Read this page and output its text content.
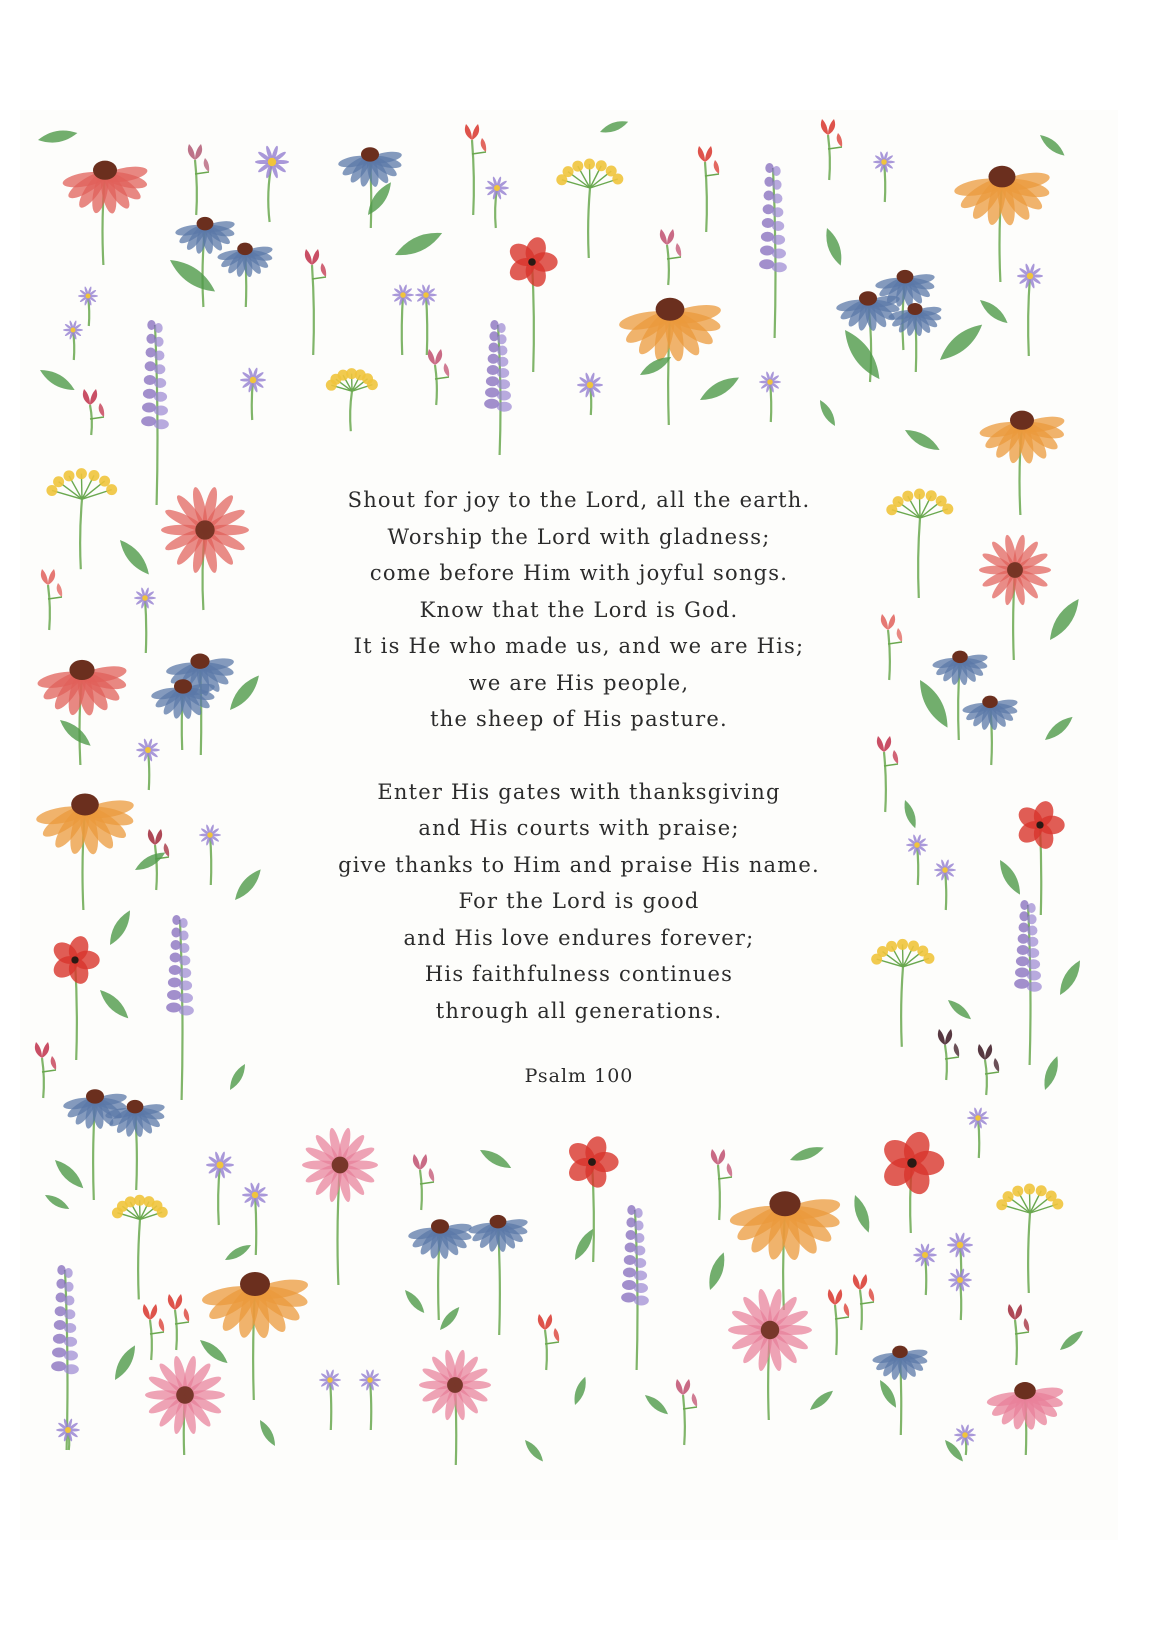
Shout for joy to the Lord, all the earth.
Worship the Lord with gladness;
come before Him with joyful songs.
Know that the Lord is God.
It is He who made us, and we are His;
we are His people,
the sheep of His pasture.
Enter His gates with thanksgiving
and His courts with praise;
give thanks to Him and praise His name.
For the Lord is good
and His love endures forever;
His faithfulness continues
through all generations.
Psalm 100
